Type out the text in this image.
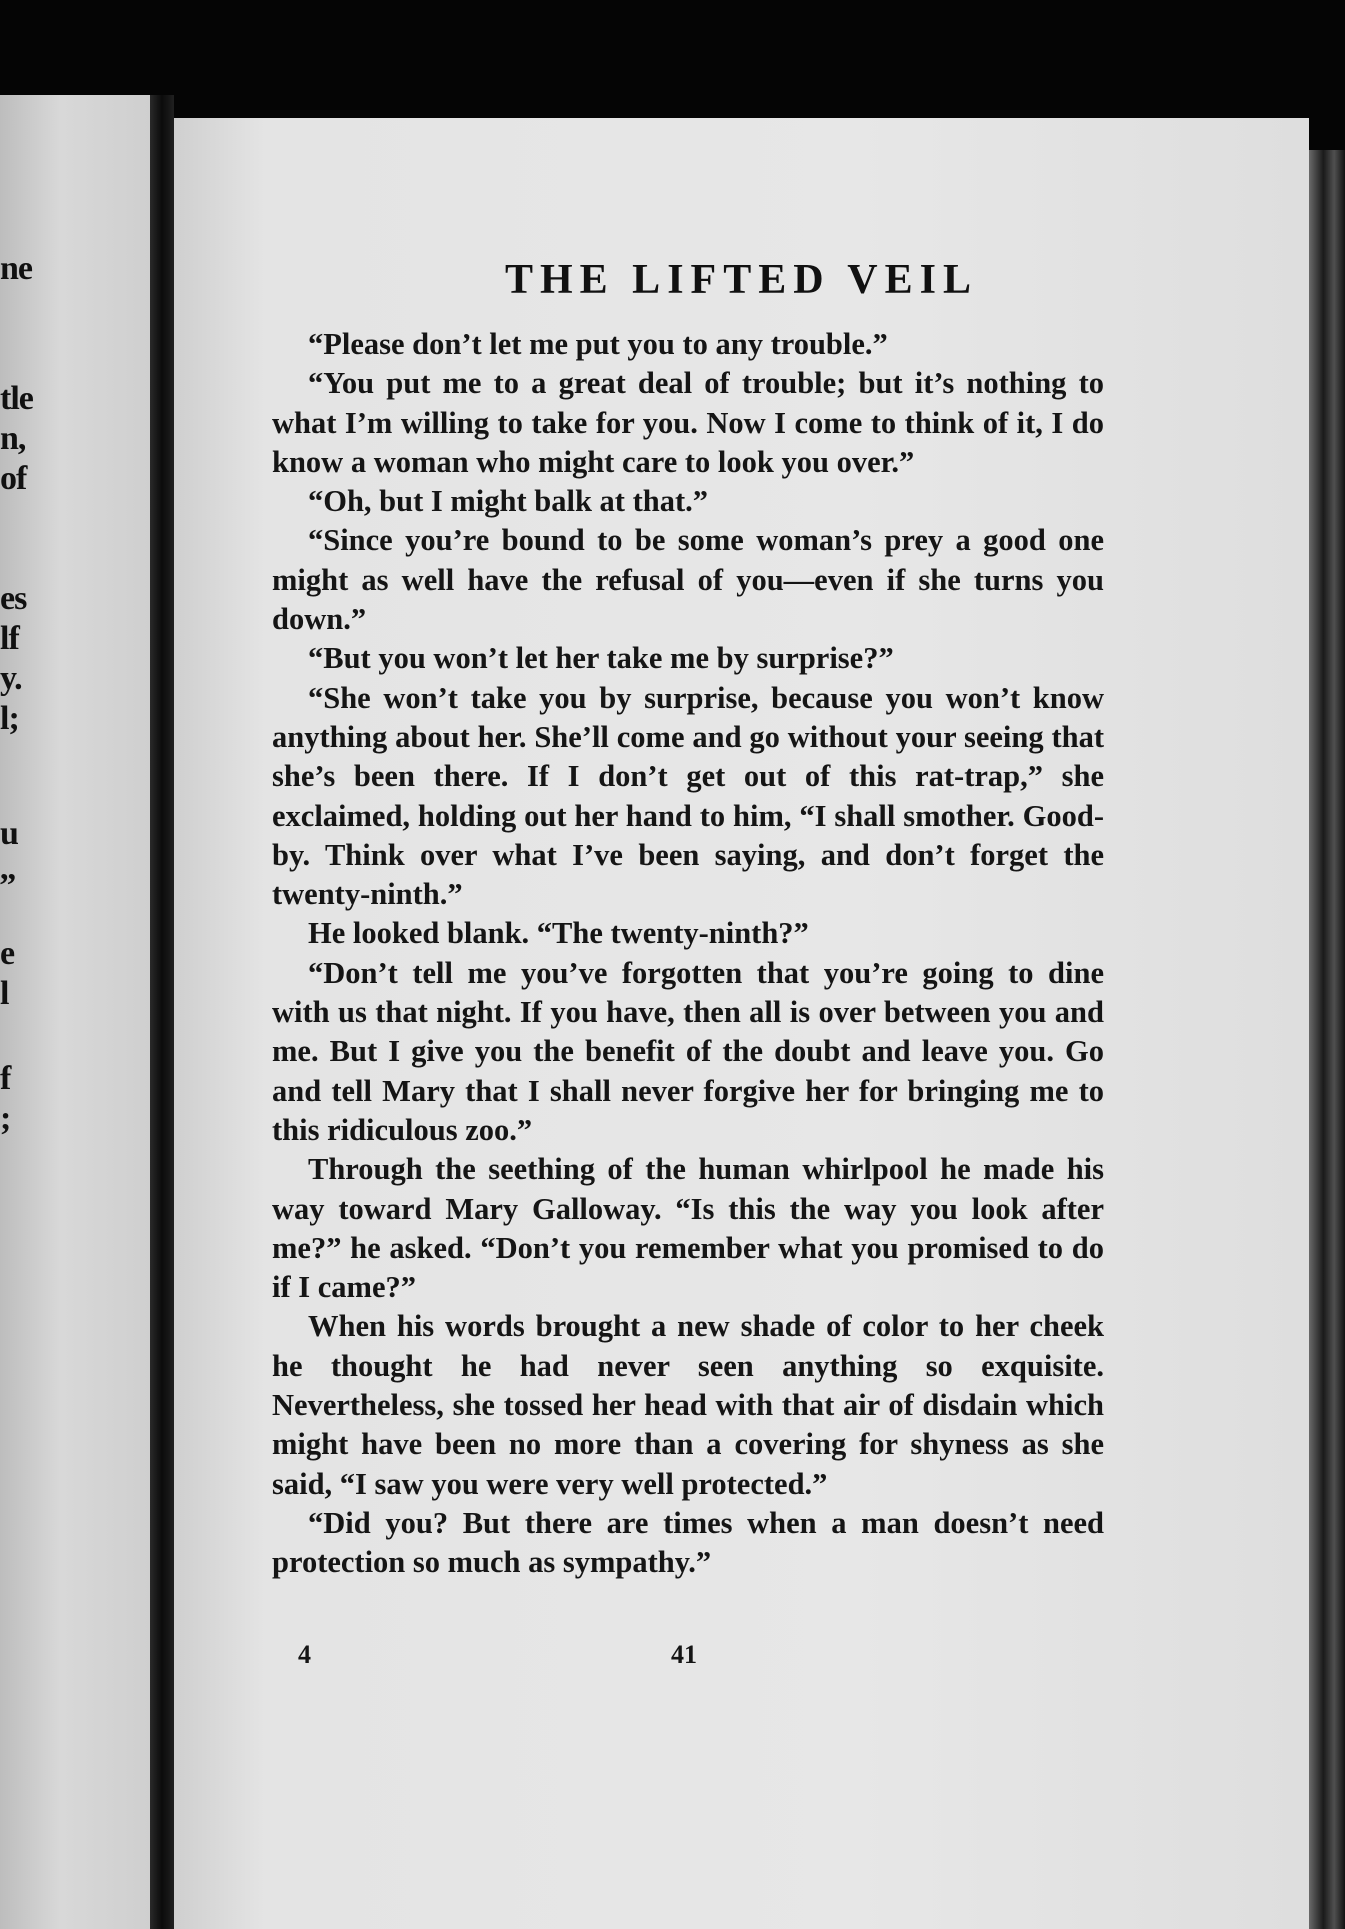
ne
tle
n,
of
es
lf
y.
l;
u
,,
e
l
f
;
THE LIFTED VEIL

“Please don’t let me put you to any trouble.”

“You put me to a great deal of trouble; but it’s nothing to what I’m willing to take for you. Now I come to think of it, I do know a woman who might care to look you over.”

“Oh, but I might balk at that.”

“Since you’re bound to be some woman’s prey a good one might as well have the refusal of you—even if she turns you down.”

“But you won’t let her take me by surprise?”

“She won’t take you by surprise, because you won’t know anything about her. She’ll come and go without your seeing that she’s been there. If I don’t get out of this rat-trap,” she exclaimed, holding out her hand to him, “I shall smother. Good-by. Think over what I’ve been saying, and don’t forget the twenty-ninth.”

He looked blank. “The twenty-ninth?”

“Don’t tell me you’ve forgotten that you’re going to dine with us that night. If you have, then all is over between you and me. But I give you the benefit of the doubt and leave you. Go and tell Mary that I shall never forgive her for bringing me to this ridiculous zoo.”

Through the seething of the human whirlpool he made his way toward Mary Galloway. “Is this the way you look after me?” he asked. “Don’t you remember what you promised to do if I came?”

When his words brought a new shade of color to her cheek he thought he had never seen anything so exquisite. Nevertheless, she tossed her head with that air of disdain which might have been no more than a covering for shyness as she said, “I saw you were very well protected.”

“Did you? But there are times when a man doesn’t need protection so much as sympathy.”

4	41
